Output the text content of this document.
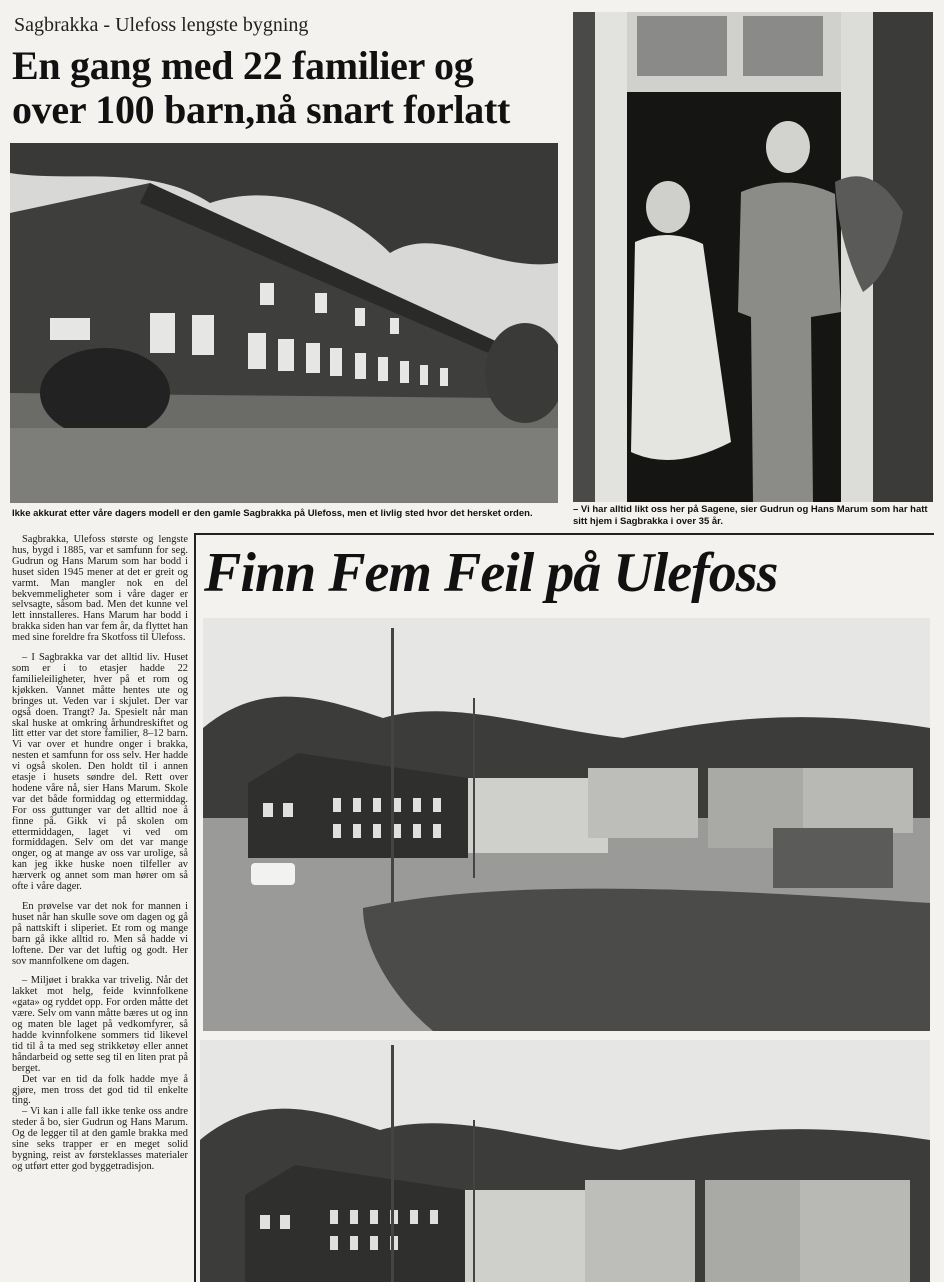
Sagbrakka - Ulefoss lengste bygning
En gang med 22 familier og
over 100 barn,nå snart forlatt
Ikke akkurat etter våre dagers modell er den gamle Sagbrakka på Ulefoss, men et livlig sted hvor det hersket orden.	– Vi har alltid likt oss her på Sagene, sier Gudrun og Hans Marum som har hatt sitt hjem i Sagbrakka i over 35 år.

Sagbrakka, Ulefoss største og lengste hus, bygd i 1885, var et samfunn for seg. Gudrun og Hans Marum som har bodd i huset siden 1945 mener at det er greit og varmt. Man mangler nok en del bekvemmeligheter som i våre dager er selvsagte, såsom bad. Men det kunne vel lett innstalleres. Hans Marum har bodd i brakka siden han var fem år, da flyttet han med sine foreldre fra Skotfoss til Ulefoss.

– I Sagbrakka var det alltid liv. Huset som er i to etasjer hadde 22 familieleiligheter, hver på et rom og kjøkken. Vannet måtte hentes ute og bringes ut. Veden var i skjulet. Der var også doen. Trangt? Ja. Spesielt når man skal huske at omkring århundreskiftet og litt etter var det store familier, 8–12 barn. Vi var over et hundre onger i brakka, nesten et samfunn for oss selv. Her hadde vi også skolen. Den holdt til i annen etasje i husets søndre del. Rett over hodene våre nå, sier Hans Marum. Skole var det både formiddag og ettermiddag. For oss guttunger var det alltid noe å finne på. Gikk vi på skolen om ettermiddagen, laget vi ved om formiddagen. Selv om det var mange onger, og at mange av oss var urolige, så kan jeg ikke huske noen tilfeller av hærverk og annet som man hører om så ofte i våre dager.

En prøvelse var det nok for mannen i huset når han skulle sove om dagen og gå på nattskift i sliperiet. Et rom og mange barn gå ikke alltid ro. Men så hadde vi loftene. Der var det luftig og godt. Her sov mannfolkene om dagen.

– Miljøet i brakka var trivelig. Når det lakket mot helg, feide kvinnfolkene «gata» og ryddet opp. For orden måtte det være. Selv om vann måtte bæres ut og inn og maten ble laget på vedkomfyrer, så hadde kvinnfolkene sommers tid likevel tid til å ta med seg strikketøy eller annet håndarbeid og sette seg til en liten prat på berget.

Det var en tid da folk hadde mye å gjøre, men tross det god tid til enkelte ting.

– Vi kan i alle fall ikke tenke oss andre steder å bo, sier Gudrun og Hans Marum. Og de legger til at den gamle brakka med sine seks trapper er en meget solid bygning, reist av førsteklasses materialer og utført etter god byggetradisjon.

Finn Fem Feil på Ulefoss
